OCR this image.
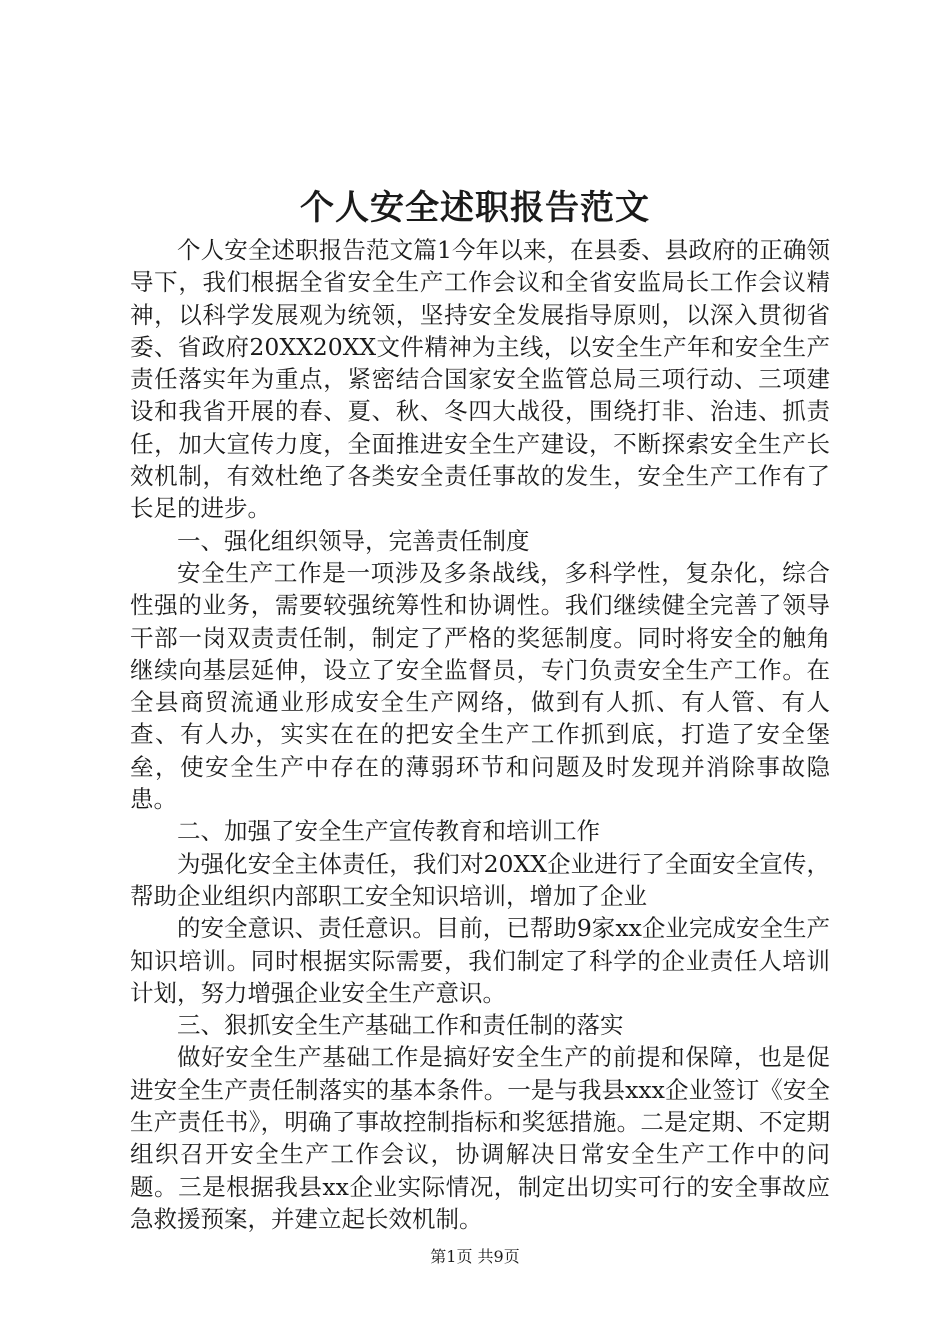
个人安全述职报告范文

个人安全述职报告范文篇1今年以来，在县委、县政府的正确领导下，我们根据全省安全生产工作会议和全省安监局长工作会议精神，以科学发展观为统领，坚持安全发展指导原则，以深入贯彻省委、省政府20XX20XX文件精神为主线，以安全生产年和安全生产责任落实年为重点，紧密结合国家安全监管总局三项行动、三项建设和我省开展的春、夏、秋、冬四大战役，围绕打非、治违、抓责任，加大宣传力度，全面推进安全生产建设，不断探索安全生产长效机制，有效杜绝了各类安全责任事故的发生，安全生产工作有了长足的进步。

一、强化组织领导，完善责任制度

安全生产工作是一项涉及多条战线，多科学性，复杂化，综合性强的业务，需要较强统筹性和协调性。我们继续健全完善了领导干部一岗双责责任制，制定了严格的奖惩制度。同时将安全的触角继续向基层延伸，设立了安全监督员，专门负责安全生产工作。在全县商贸流通业形成安全生产网络，做到有人抓、有人管、有人查、有人办，实实在在的把安全生产工作抓到底，打造了安全堡垒，使安全生产中存在的薄弱环节和问题及时发现并消除事故隐患。

二、加强了安全生产宣传教育和培训工作

为强化安全主体责任，我们对20XX企业进行了全面安全宣传，帮助企业组织内部职工安全知识培训，增加了企业

的安全意识、责任意识。目前，已帮助9家xx企业完成安全生产知识培训。同时根据实际需要，我们制定了科学的企业责任人培训计划，努力增强企业安全生产意识。

三、狠抓安全生产基础工作和责任制的落实

做好安全生产基础工作是搞好安全生产的前提和保障，也是促进安全生产责任制落实的基本条件。一是与我县xxx企业签订《安全生产责任书》，明确了事故控制指标和奖惩措施。二是定期、不定期组织召开安全生产工作会议，协调解决日常安全生产工作中的问题。三是根据我县xx企业实际情况，制定出切实可行的安全事故应急救援预案，并建立起长效机制。

第1页 共9页
